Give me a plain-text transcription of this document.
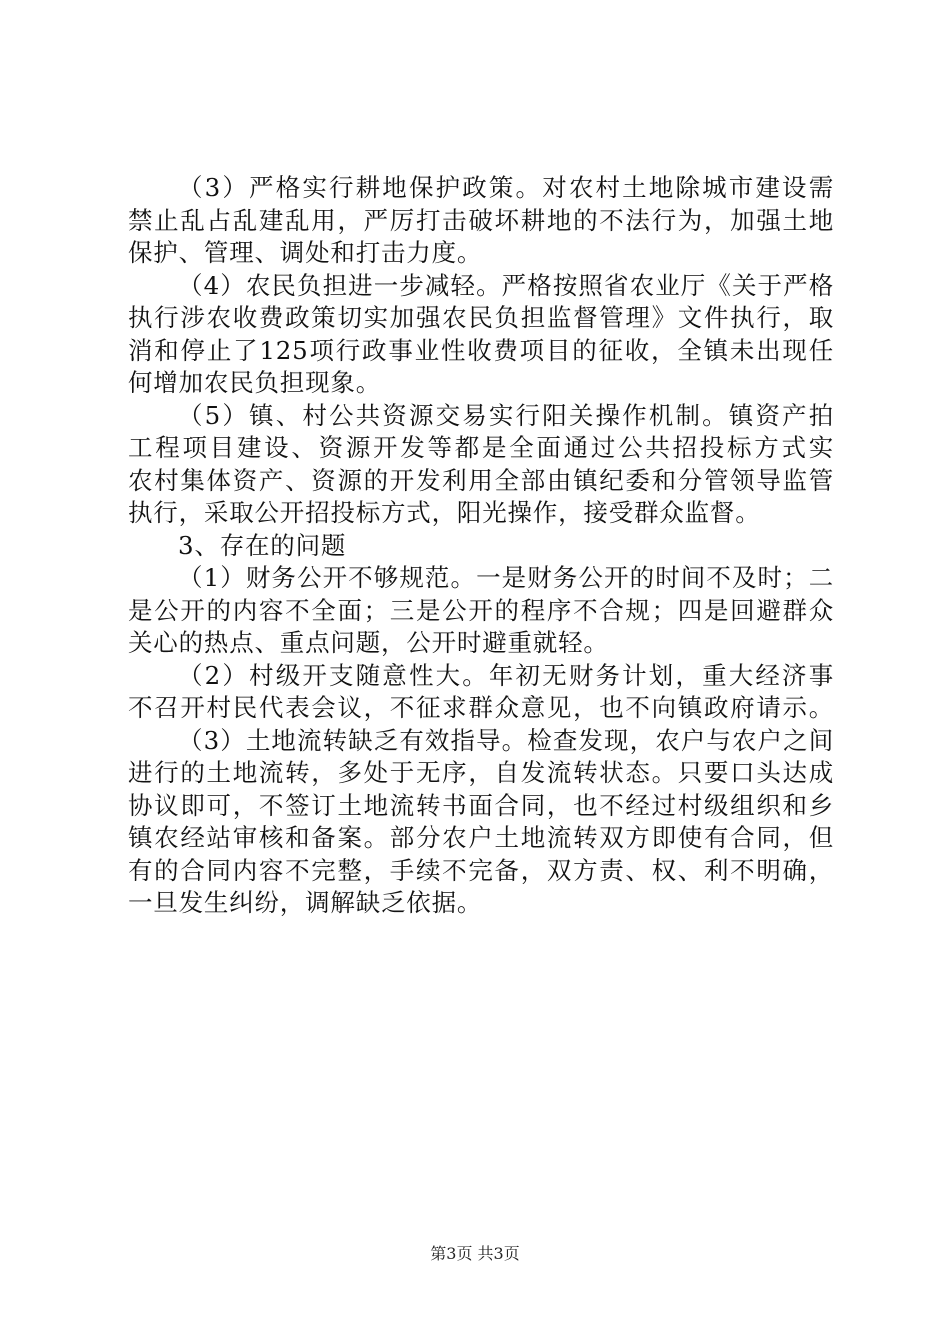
（3）严格实行耕地保护政策。对农村土地除城市建设需
禁止乱占乱建乱用，严厉打击破坏耕地的不法行为，加强土地
保护、管理、调处和打击力度。
（4）农民负担进一步减轻。严格按照省农业厅《关于严格
执行涉农收费政策切实加强农民负担监督管理》文件执行，取
消和停止了125项行政事业性收费项目的征收，全镇未出现任
何增加农民负担现象。
（5）镇、村公共资源交易实行阳关操作机制。镇资产拍
工程项目建设、资源开发等都是全面通过公共招投标方式实
农村集体资产、资源的开发利用全部由镇纪委和分管领导监管
执行，采取公开招投标方式，阳光操作，接受群众监督。
3、存在的问题
（1）财务公开不够规范。一是财务公开的时间不及时；二
是公开的内容不全面；三是公开的程序不合规；四是回避群众
关心的热点、重点问题，公开时避重就轻。
（2）村级开支随意性大。年初无财务计划，重大经济事
不召开村民代表会议，不征求群众意见，也不向镇政府请示。
（3）土地流转缺乏有效指导。检查发现，农户与农户之间
进行的土地流转，多处于无序，自发流转状态。只要口头达成
协议即可，不签订土地流转书面合同，也不经过村级组织和乡
镇农经站审核和备案。部分农户土地流转双方即使有合同，但
有的合同内容不完整，手续不完备，双方责、权、利不明确，
一旦发生纠纷，调解缺乏依据。
第3页 共3页
